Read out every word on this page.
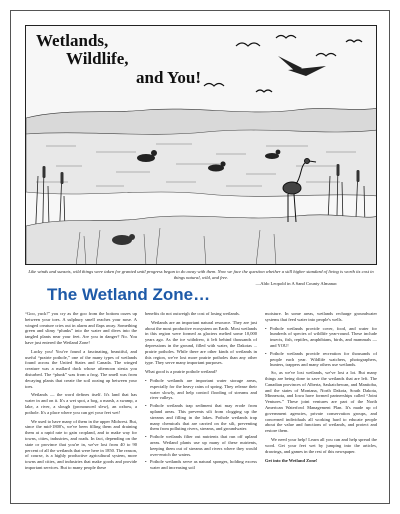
Wetlands,
Wildlife,
and You!
Like winds and sunsets, wild things were taken for granted until progress began to do away with them. Now we face the question whether a still higher standard of living is worth its cost in things natural, wild, and free.
—Aldo Leopold in A Sand County Almanac
The Wetland Zone…

“Goo, yuck!” you cry as the goo from the bottom oozes up between your toes. A sulphury smell reaches your nose. A winged creature cries out in alarm and flaps away. Something green and slimy “plunks” into the water and dives into the tangled plants near your feet. Are you in danger? No. You have just entered the Wetland Zone!

Lucky you! You've found a fascinating, beautiful, and useful “prairie pothole,” one of the many types of wetlands found across the United States and Canada. The winged creature was a mallard duck whose afternoon siesta you disturbed. The “plunk” was from a frog. The smell was from decaying plants that create the soil oozing up between your toes.

Wetlands — the word defines itself. It's land that has water in and on it. It's a wet spot, a bog, a marsh, a swamp, a lake, a river, a slough (pronounced slew), an oxbow, a pothole. It's a place where you can get your feet wet!

We used to have many of them in the upper Midwest. But, since the mid-1800's, we've been filling them and draining them at a rapid rate to gain cropland, and to make way for towns, cities, industries, and roads. In fact, depending on the state or province that you're in, we've lost from 40 to 90 percent of all the wetlands that were here in 1850. The reason, of course, is a highly productive agricultural system, more towns and cities, and industries that make goods and provide important services. But to many people these

benefits do not outweigh the cost of losing wetlands.

Wetlands are an important natural resource. They are just about the most productive ecosystem on Earth. Most wetlands in this region were formed as glaciers melted some 10,000 years ago. As the ice withdrew, it left behind thousands of depressions in the ground, filled with water, the Dakotas ... prairie potholes. While there are other kinds of wetlands in this region, we've lost more prairie potholes than any other type. They serve many important purposes.

What good is a prairie pothole wetland?

• Pothole wetlands are important water storage areas, especially for the heavy rains of spring. They release their water slowly, and help control flooding of streams and river valleys.

• Pothole wetlands trap sediment that may erode from upland areas. This prevents silt from clogging up the streams and filling in the lakes. Pothole wetlands trap many chemicals that are carried on the silt, preventing them from polluting rivers, streams, and groundwater.

• Pothole wetlands filter out nutrients that run off upland areas. Wetland plants use up many of these nutrients, keeping them out of streams and rivers where they would over-enrich the waters.

• Pothole wetlands serve as natural sponges, holding excess water and increasing soil

moisture. In some areas, wetlands recharge groundwater systems that feed water into people's wells.

• Pothole wetlands provide cover, food, and water for hundreds of species of wildlife year-round. These include insects, fish, reptiles, amphibians, birds, and mammals — and YOU!

• Pothole wetlands provide recreation for thousands of people each year. Wildlife watchers, photographers, hunters, trappers and many others use wetlands.

So, as we've lost wetlands, we've lost a lot. But many things are being done to save the wetlands that are left. The Canadian provinces of Alberta, Saskatchewan, and Manitoba, and the states of Montana, North Dakota, South Dakota, Minnesota, and Iowa have formed partnerships called “Joint Ventures.” These joint ventures are part of the North American Waterfowl Management Plan. It's made up of government agencies, private conservation groups, and concerned individuals all working hard to educate people about the value and functions of wetlands, and protect and restore them.

We need your help! Learn all you can and help spread the word. Get your feet wet by jumping into the articles, drawings, and games in the rest of this newspaper.

Get into the Wetland Zone!
